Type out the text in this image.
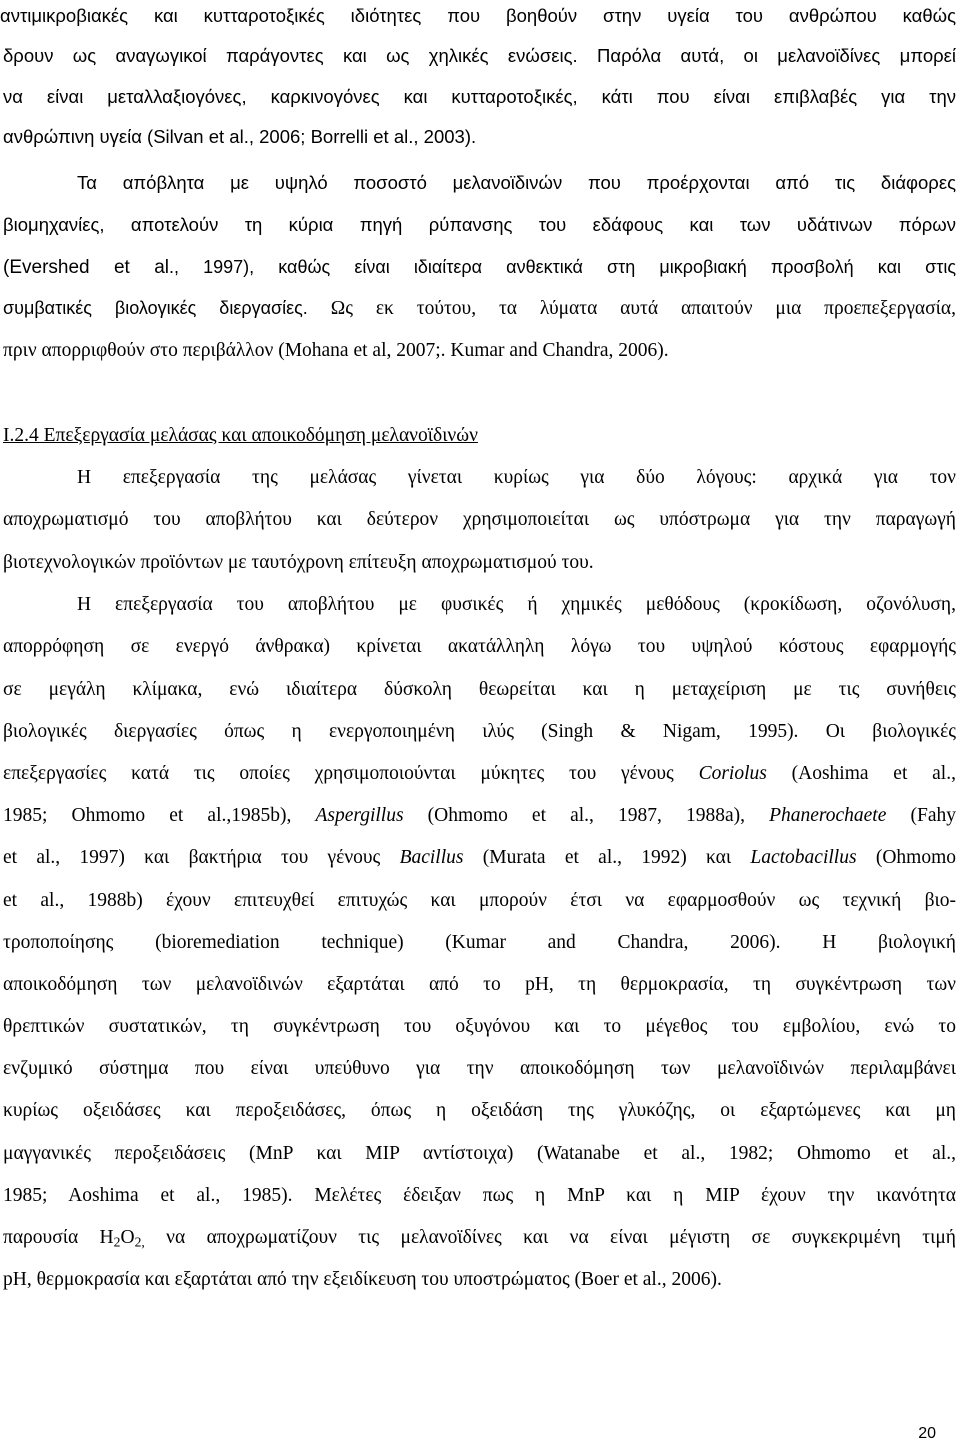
αντιμικροβιακές και κυτταροτοξικές ιδιότητες που βοηθούν στην υγεία του ανθρώπου καθώς
δρουν ως αναγωγικοί παράγοντες και ως χηλικές ενώσεις. Παρόλα αυτά, οι μελανοϊδίνες μπορεί
να είναι μεταλλαξιογόνες, καρκινογόνες και κυτταροτοξικές, κάτι που είναι επιβλαβές για την
ανθρώπινη υγεία (Silvan et al., 2006; Borrelli et al., 2003).
Τα απόβλητα με υψηλό ποσοστό μελανοϊδινών που προέρχονται από τις διάφορες
βιομηχανίες, αποτελούν τη κύρια πηγή ρύπανσης του εδάφους και των υδάτινων πόρων
(Evershed et al., 1997), καθώς είναι ιδιαίτερα ανθεκτικά στη μικροβιακή προσβολή και στις
συμβατικές βιολογικές διεργασίες. Ως εκ τούτου, τα λύματα αυτά απαιτούν μια προεπεξεργασία,
πριν απορριφθούν στο περιβάλλον (Mohana et al, 2007;. Kumar and Chandra, 2006).
Ι.2.4 Επεξεργασία μελάσας και αποικοδόμηση μελανοϊδινών
Η επεξεργασία της μελάσας γίνεται κυρίως για δύο λόγους: αρχικά για τον
αποχρωματισμό του αποβλήτου και δεύτερον χρησιμοποιείται ως υπόστρωμα για την παραγωγή
βιοτεχνολογικών προϊόντων με ταυτόχρονη επίτευξη αποχρωματισμού του.
Η επεξεργασία του αποβλήτου με φυσικές ή χημικές μεθόδους (κροκίδωση, οζονόλυση,
απορρόφηση σε ενεργό άνθρακα) κρίνεται ακατάλληλη λόγω του υψηλού κόστους εφαρμογής
σε μεγάλη κλίμακα, ενώ ιδιαίτερα δύσκολη θεωρείται και η μεταχείριση με τις συνήθεις
βιολογικές διεργασίες όπως η ενεργοποιημένη ιλύς (Singh & Nigam, 1995). Οι βιολογικές
επεξεργασίες κατά τις οποίες χρησιμοποιούνται μύκητες του γένους Coriolus (Aoshima et al.,
1985; Ohmomo et al.,1985b), Aspergillus (Ohmomo et al., 1987, 1988a), Phanerochaete (Fahy
et al., 1997) και βακτήρια του γένους Bacillus (Murata et al., 1992) και Lactobacillus (Ohmomo
et al., 1988b) έχουν επιτευχθεί επιτυχώς και μπορούν έτσι να εφαρμοσθούν ως τεχνική βιο-
τροποποίησης (bioremediation technique) (Kumar and Chandra, 2006). Η βιολογική
αποικοδόμηση των μελανοϊδινών εξαρτάται από το pH, τη θερμοκρασία, τη συγκέντρωση των
θρεπτικών συστατικών, τη συγκέντρωση του οξυγόνου και το μέγεθος του εμβολίου, ενώ το
ενζυμικό σύστημα που είναι υπεύθυνο για την αποικοδόμηση των μελανοϊδινών περιλαμβάνει
κυρίως οξειδάσες και περοξειδάσες, όπως η οξειδάση της γλυκόζης, οι εξαρτώμενες και μη
μαγγανικές περοξειδάσεις (MnP και MIP αντίστοιχα) (Watanabe et al., 1982; Ohmomo et al.,
1985; Aoshima et al., 1985). Μελέτες έδειξαν πως η MnP και η MIP έχουν την ικανότητα
παρουσία $H_2O_{2,}$ να αποχρωματίζουν τις μελανοϊδίνες και να είναι μέγιστη σε συγκεκριμένη τιμή
pH, θερμοκρασία και εξαρτάται από την εξειδίκευση του υποστρώματος (Boer et al., 2006).
20
